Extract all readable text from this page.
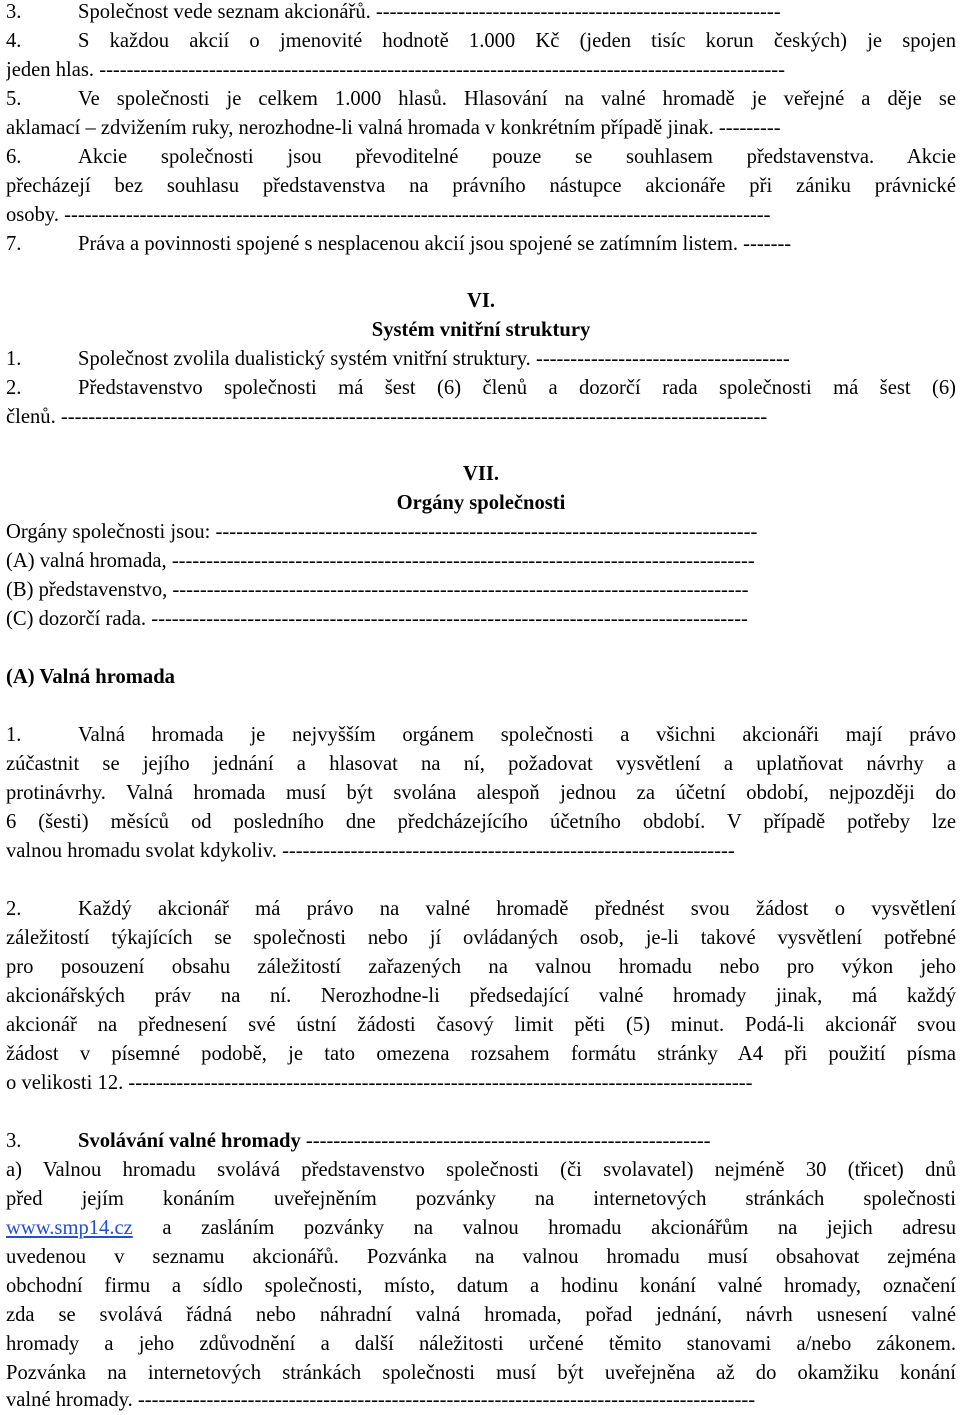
3.	Společnost vede seznam akcionářů. -----------------------------------------------------------
4.	S každou akcií o jmenovité hodnotě 1.000 Kč (jeden tisíc korun českých) je spojen
jeden hlas. ----------------------------------------------------------------------------------------------------
5.	Ve společnosti je celkem 1.000 hlasů. Hlasování na valné hromadě je veřejné a děje se
aklamací – zdvižením ruky, nerozhodne-li valná hromada v konkrétním případě jinak. ---------
6.	Akcie společnosti jsou převoditelné pouze se souhlasem představenstva. Akcie
přecházejí bez souhlasu představenstva na právního nástupce akcionáře při zániku právnické
osoby. -------------------------------------------------------------------------------------------------------
7.	Práva a povinnosti spojené s nesplacenou akcií jsou spojené se zatímním listem. -------
VI.
Systém vnitřní struktury
1.	Společnost zvolila dualistický systém vnitřní struktury. -------------------------------------
2.	Představenstvo společnosti má šest (6) členů a dozorčí rada společnosti má šest (6)
členů. -------------------------------------------------------------------------------------------------------
VII.
Orgány společnosti
Orgány společnosti jsou: -------------------------------------------------------------------------------
(A) valná hromada, -------------------------------------------------------------------------------------
(B) představenstvo, ------------------------------------------------------------------------------------
(C) dozorčí rada. ---------------------------------------------------------------------------------------
(A) Valná hromada
1.	Valná hromada je nejvyšším orgánem společnosti a všichni akcionáři mají právo
zúčastnit se jejího jednání a hlasovat na ní, požadovat vysvětlení a uplatňovat návrhy a
protinávrhy. Valná hromada musí být svolána alespoň jednou za účetní období, nejpozději do
6 (šesti) měsíců od posledního dne předcházejícího účetního období. V případě potřeby lze
valnou hromadu svolat kdykoliv. ------------------------------------------------------------------
2.	Každý akcionář má právo na valné hromadě přednést svou žádost o vysvětlení
záležitostí týkajících se společnosti nebo jí ovládaných osob, je-li takové vysvětlení potřebné
pro posouzení obsahu záležitostí zařazených na valnou hromadu nebo pro výkon jeho
akcionářských práv na ní. Nerozhodne-li předsedající valné hromady jinak, má každý
akcionář na přednesení své ústní žádosti časový limit pěti (5) minut. Podá-li akcionář svou
žádost v písemné podobě, je tato omezena rozsahem formátu stránky A4 při použití písma
o velikosti 12. -------------------------------------------------------------------------------------------
3.	Svolávání valné hromady -----------------------------------------------------------
a) Valnou hromadu svolává představenstvo společnosti (či svolavatel) nejméně 30 (třicet) dnů
před jejím konáním uveřejněním pozvánky na internetových stránkách společnosti
www.smp14.cz a zasláním pozvánky na valnou hromadu akcionářům na jejich adresu
uvedenou v seznamu akcionářů. Pozvánka na valnou hromadu musí obsahovat zejména
obchodní firmu a sídlo společnosti, místo, datum a hodinu konání valné hromady, označení
zda se svolává řádná nebo náhradní valná hromada, pořad jednání, návrh usnesení valné
hromady a jeho zdůvodnění a další náležitosti určené těmito stanovami a/nebo zákonem.
Pozvánka na internetových stránkách společnosti musí být uveřejněna až do okamžiku konání
valné hromady. ------------------------------------------------------------------------------------------
